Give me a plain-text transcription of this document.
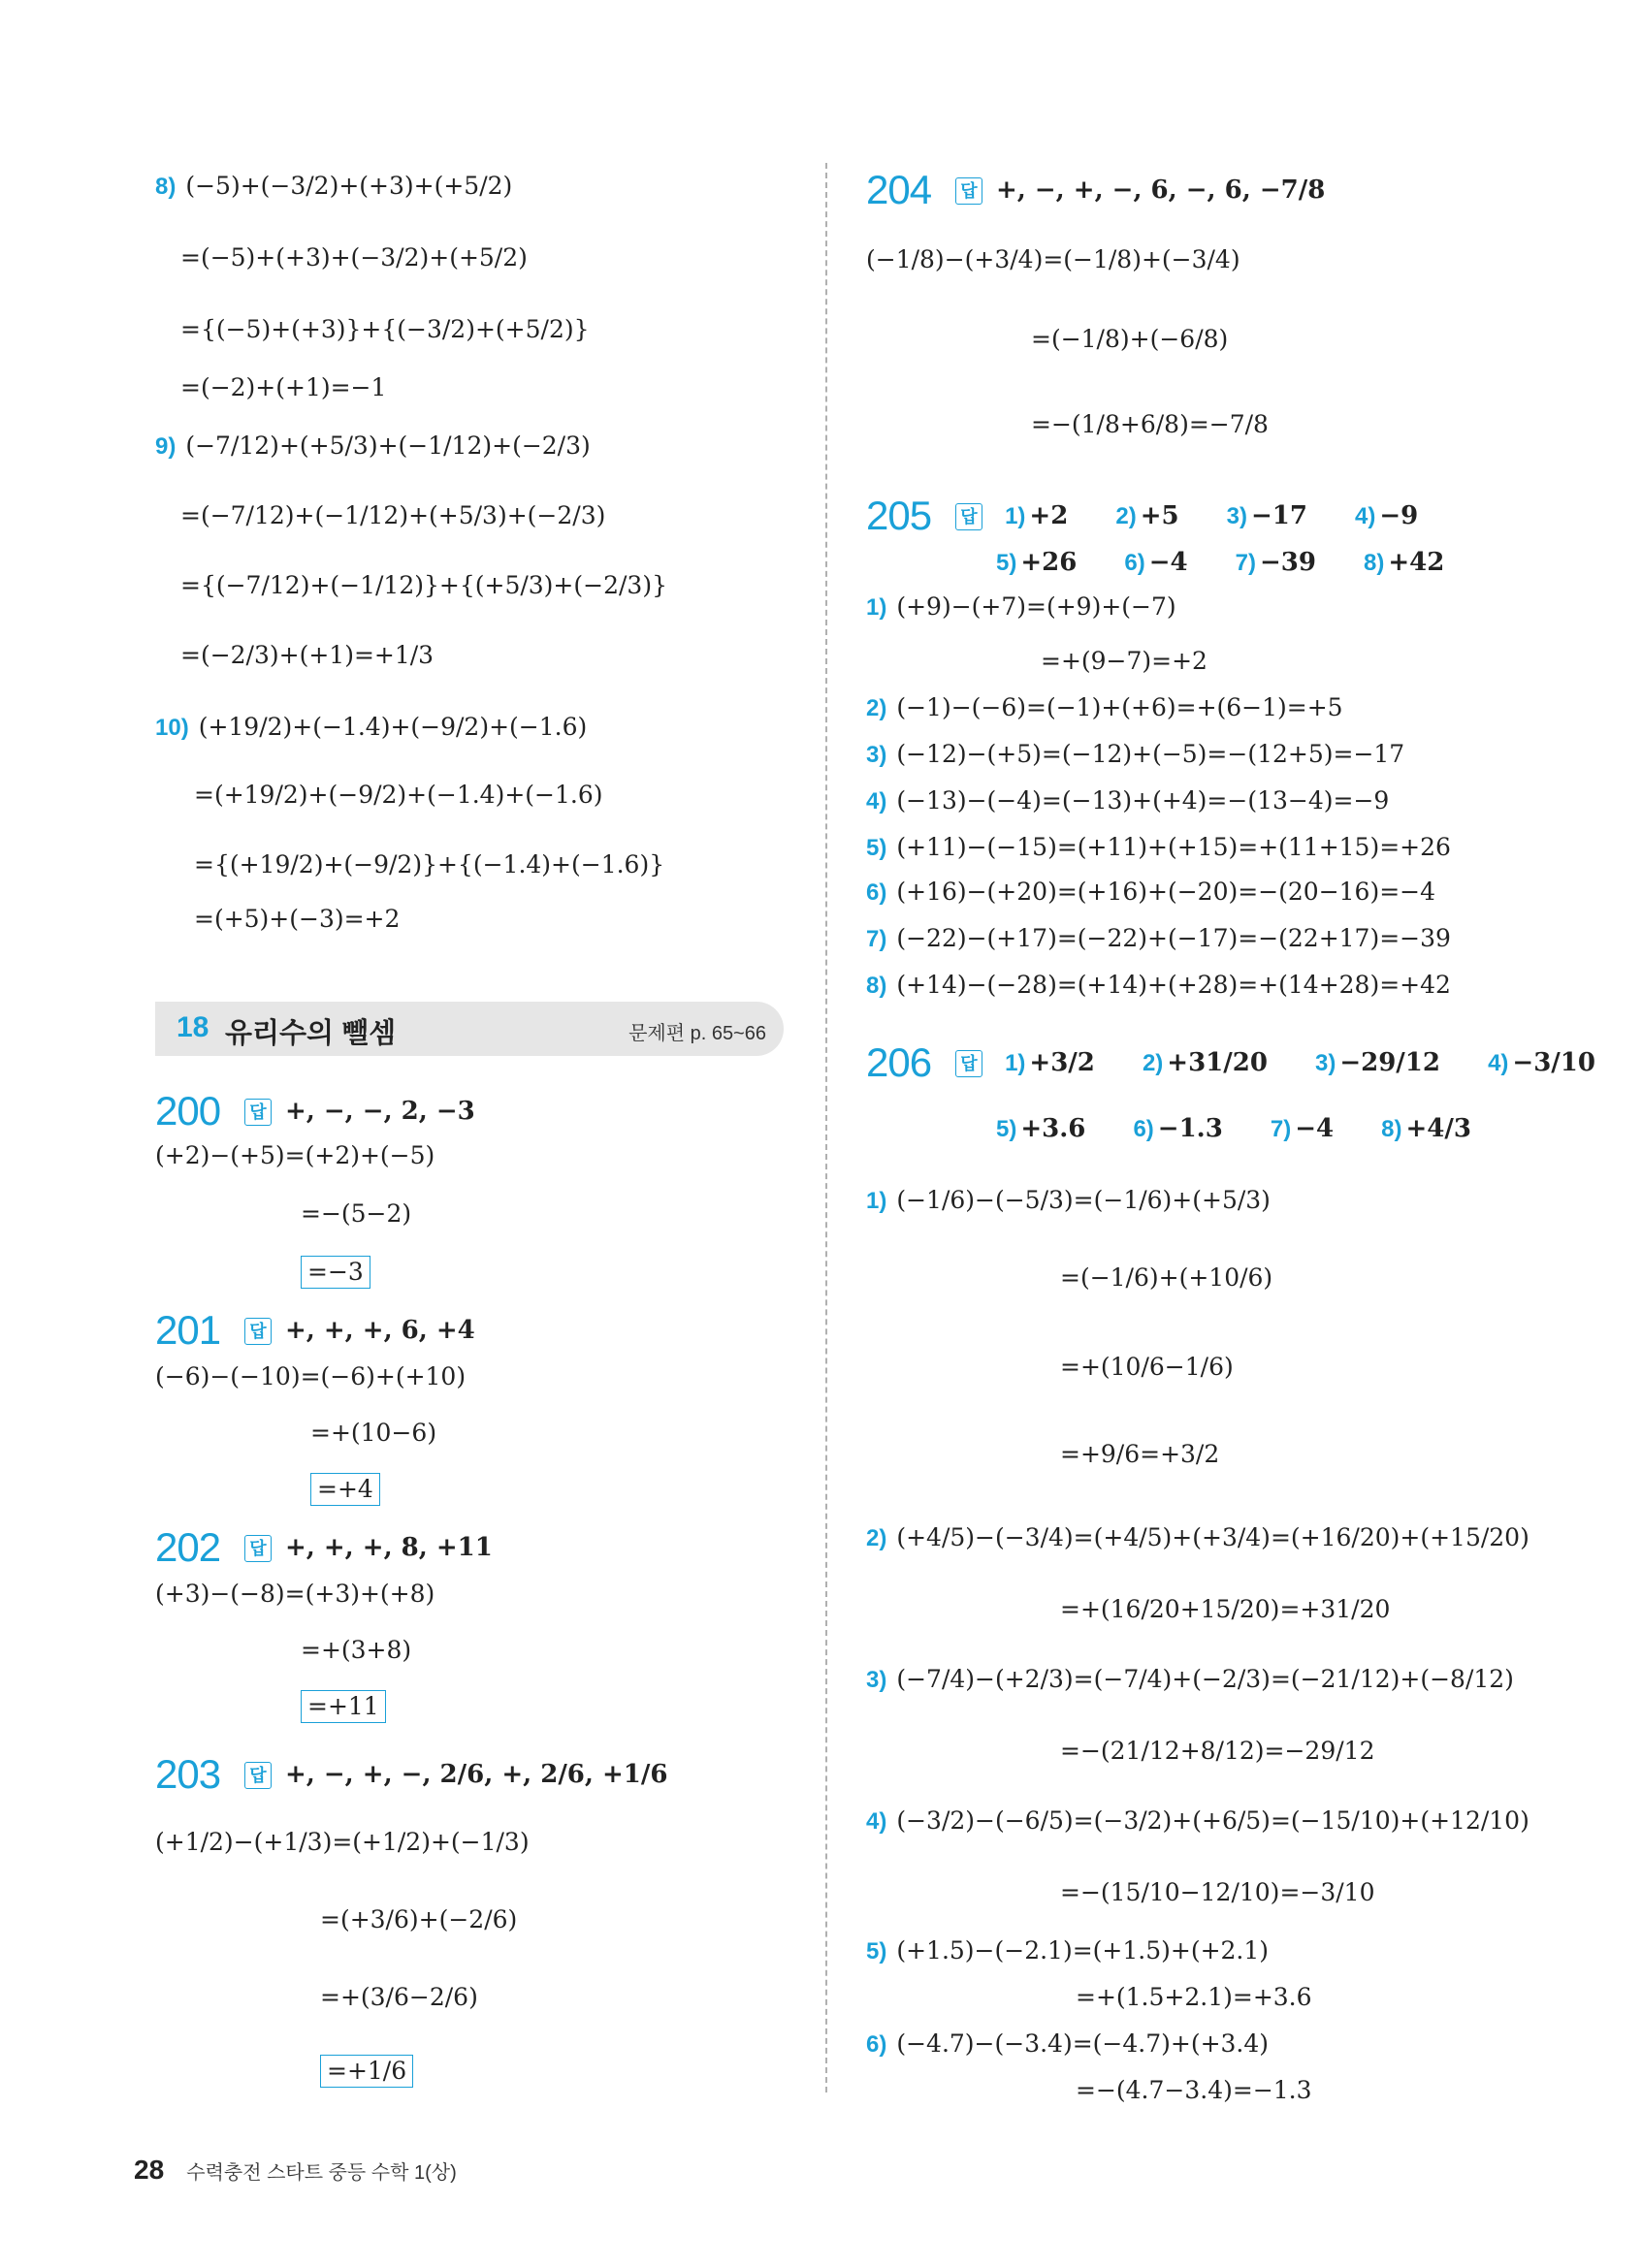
8) (−5)+(−3/2)+(+3)+(+5/2)
=(−5)+(+3)+(−3/2)+(+5/2)
={(−5)+(+3)}+{(−3/2)+(+5/2)}
=(−2)+(+1)=−1
9) (−7/12)+(+5/3)+(−1/12)+(−2/3)
=(−7/12)+(−1/12)+(+5/3)+(−2/3)
={(−7/12)+(−1/12)}+{(+5/3)+(−2/3)}
=(−2/3)+(+1)=+1/3
10) (+19/2)+(−1.4)+(−9/2)+(−1.6)
=(+19/2)+(−9/2)+(−1.4)+(−1.6)
={(+19/2)+(−9/2)}+{(−1.4)+(−1.6)}
=(+5)+(−3)=+2
18 유리수의 뺄셈	문제편 p. 65~66
200 답 +, −, −, 2, −3
(+2)−(+5)=(+2)+(−5)
=−(5−2)
=−3
201 답 +, +, +, 6, +4
(−6)−(−10)=(−6)+(+10)
=+(10−6)
=+4
202 답 +, +, +, 8, +11
(+3)−(−8)=(+3)+(+8)
=+(3+8)
=+11
203 답 +, −, +, −, 2/6, +, 2/6, +1/6
(+1/2)−(+1/3)=(+1/2)+(−1/3)
=(+3/6)+(−2/6)
=+(3/6−2/6)
=+1/6
204 답 +, −, +, −, 6, −, 6, −7/8
(−1/8)−(+3/4)=(−1/8)+(−3/4)
=(−1/8)+(−6/8)
=−(1/8+6/8)=−7/8
205 답 1) +2 2) +5 3) −17 4) −9
5) +26 6) −4 7) −39 8) +42
1) (+9)−(+7)=(+9)+(−7)
=+(9−7)=+2
2) (−1)−(−6)=(−1)+(+6)=+(6−1)=+5
3) (−12)−(+5)=(−12)+(−5)=−(12+5)=−17
4) (−13)−(−4)=(−13)+(+4)=−(13−4)=−9
5) (+11)−(−15)=(+11)+(+15)=+(11+15)=+26
6) (+16)−(+20)=(+16)+(−20)=−(20−16)=−4
7) (−22)−(+17)=(−22)+(−17)=−(22+17)=−39
8) (+14)−(−28)=(+14)+(+28)=+(14+28)=+42
206 답 1) +3/2 2) +31/20 3) −29/12 4) −3/10
5) +3.6 6) −1.3 7) −4 8) +4/3
1) (−1/6)−(−5/3)=(−1/6)+(+5/3)
=(−1/6)+(+10/6)
=+(10/6−1/6)
=+9/6=+3/2
2) (+4/5)−(−3/4)=(+4/5)+(+3/4)=(+16/20)+(+15/20)
=+(16/20+15/20)=+31/20
3) (−7/4)−(+2/3)=(−7/4)+(−2/3)=(−21/12)+(−8/12)
=−(21/12+8/12)=−29/12
4) (−3/2)−(−6/5)=(−3/2)+(+6/5)=(−15/10)+(+12/10)
=−(15/10−12/10)=−3/10
5) (+1.5)−(−2.1)=(+1.5)+(+2.1)
=+(1.5+2.1)=+3.6
6) (−4.7)−(−3.4)=(−4.7)+(+3.4)
=−(4.7−3.4)=−1.3
28 수력충전 스타트 중등 수학 1(상)
